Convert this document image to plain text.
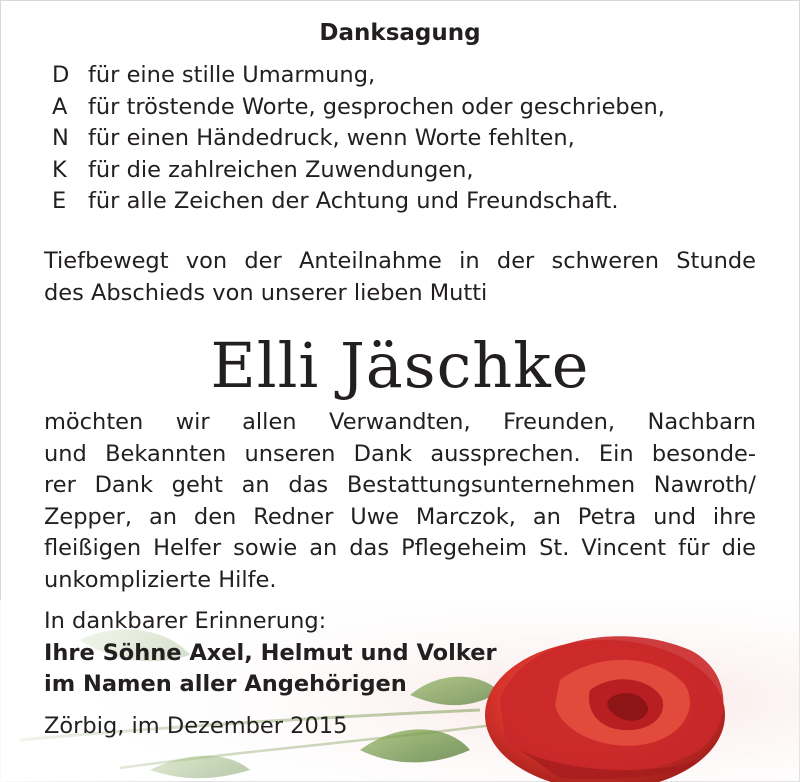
Danksagung
D für eine stille Umarmung,
A für tröstende Worte, gesprochen oder geschrieben,
N für einen Händedruck, wenn Worte fehlten,
K für die zahlreichen Zuwendungen,
E für alle Zeichen der Achtung und Freundschaft.

Tiefbewegt von der Anteilnahme in der schweren Stunde
des Abschieds von unserer lieben Mutti

Elli Jäschke

möchten wir allen Verwandten, Freunden, Nachbarn
und Bekannten unseren Dank aussprechen. Ein besonde-
rer Dank geht an das Bestattungsunternehmen Nawroth/
Zepper, an den Redner Uwe Marczok, an Petra und ihre
fleißigen Helfer sowie an das Pflegeheim St. Vincent für die
unkomplizierte Hilfe.

In dankbarer Erinnerung:
Ihre Söhne Axel, Helmut und Volker
im Namen aller Angehörigen
Zörbig, im Dezember 2015
